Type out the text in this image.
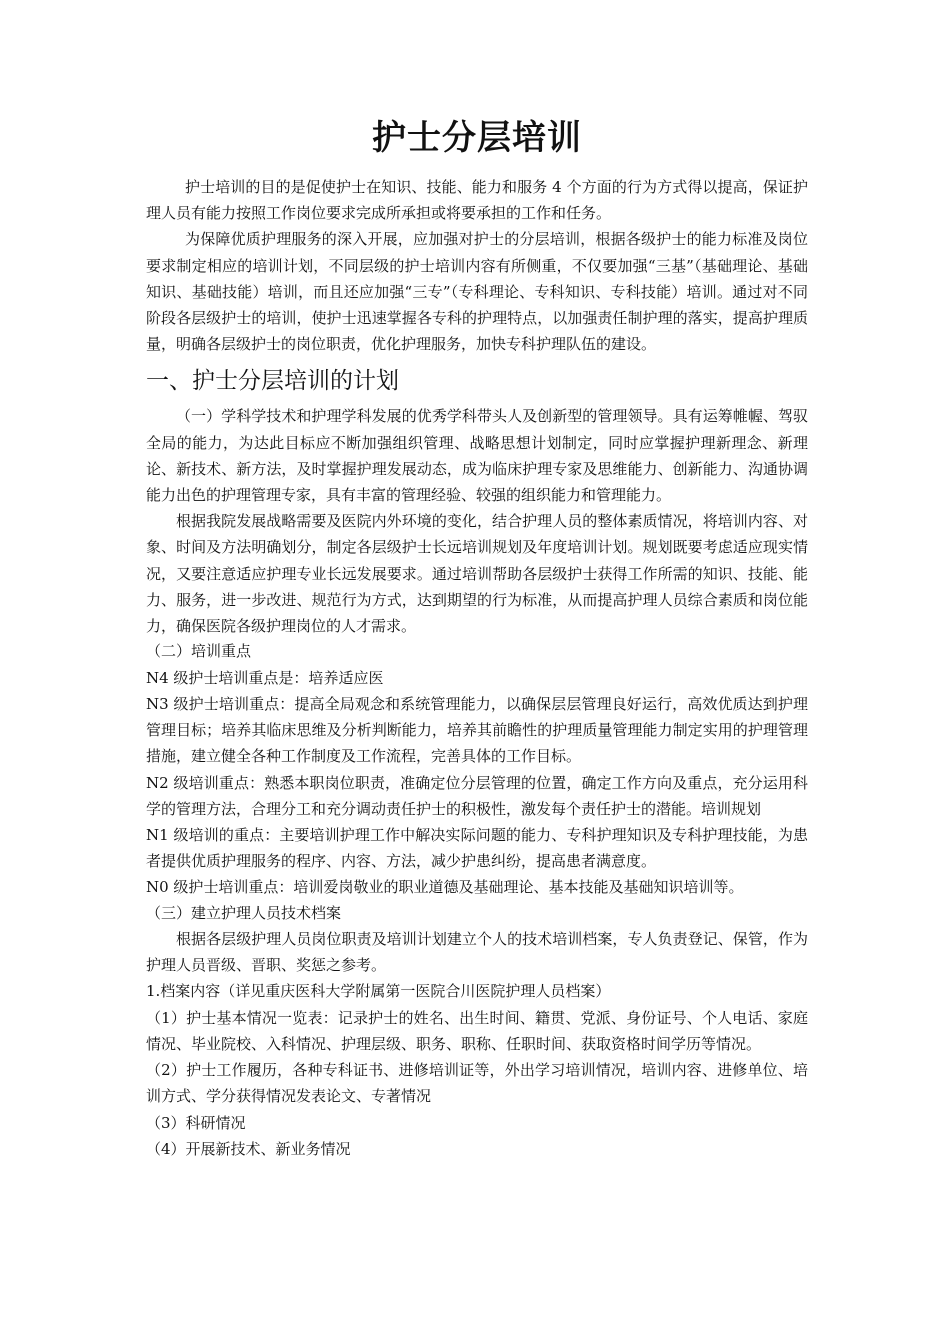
护士分层培训

护士培训的目的是促使护士在知识、技能、能力和服务 4 个方面的行为方式得以提高，保证护理人员有能力按照工作岗位要求完成所承担或将要承担的工作和任务。

为保障优质护理服务的深入开展，应加强对护士的分层培训，根据各级护士的能力标准及岗位要求制定相应的培训计划，不同层级的护士培训内容有所侧重，不仅要加强“三基”（基础理论、基础知识、基础技能）培训，而且还应加强“三专”（专科理论、专科知识、专科技能）培训。通过对不同阶段各层级护士的培训，使护士迅速掌握各专科的护理特点，以加强责任制护理的落实，提高护理质量，明确各层级护士的岗位职责，优化护理服务，加快专科护理队伍的建设。

一、护士分层培训的计划

（一）学科学技术和护理学科发展的优秀学科带头人及创新型的管理领导。具有运筹帷幄、驾驭全局的能力，为达此目标应不断加强组织管理、战略思想计划制定，同时应掌握护理新理念、新理论、新技术、新方法，及时掌握护理发展动态，成为临床护理专家及思维能力、创新能力、沟通协调能力出色的护理管理专家，具有丰富的管理经验、较强的组织能力和管理能力。

根据我院发展战略需要及医院内外环境的变化，结合护理人员的整体素质情况，将培训内容、对象、时间及方法明确划分，制定各层级护士长远培训规划及年度培训计划。规划既要考虑适应现实情况，又要注意适应护理专业长远发展要求。通过培训帮助各层级护士获得工作所需的知识、技能、能力、服务，进一步改进、规范行为方式，达到期望的行为标准，从而提高护理人员综合素质和岗位能力，确保医院各级护理岗位的人才需求。

（二）培训重点

N4 级护士培训重点是：培养适应医

N3 级护士培训重点：提高全局观念和系统管理能力，以确保层层管理良好运行，高效优质达到护理管理目标；培养其临床思维及分析判断能力，培养其前瞻性的护理质量管理能力制定实用的护理管理措施，建立健全各种工作制度及工作流程，完善具体的工作目标。

N2 级培训重点：熟悉本职岗位职责，准确定位分层管理的位置，确定工作方向及重点，充分运用科学的管理方法，合理分工和充分调动责任护士的积极性，激发每个责任护士的潜能。培训规划

N1 级培训的重点：主要培训护理工作中解决实际问题的能力、专科护理知识及专科护理技能，为患者提供优质护理服务的程序、内容、方法，减少护患纠纷，提高患者满意度。

N0 级护士培训重点：培训爱岗敬业的职业道德及基础理论、基本技能及基础知识培训等。

（三）建立护理人员技术档案

根据各层级护理人员岗位职责及培训计划建立个人的技术培训档案，专人负责登记、保管，作为护理人员晋级、晋职、奖惩之参考。

1.档案内容（详见重庆医科大学附属第一医院合川医院护理人员档案）

（1）护士基本情况一览表：记录护士的姓名、出生时间、籍贯、党派、身份证号、个人电话、家庭情况、毕业院校、入科情况、护理层级、职务、职称、任职时间、获取资格时间学历等情况。

（2）护士工作履历，各种专科证书、进修培训证等，外出学习培训情况，培训内容、进修单位、培训方式、学分获得情况发表论文、专著情况

（3）科研情况

（4）开展新技术、新业务情况
